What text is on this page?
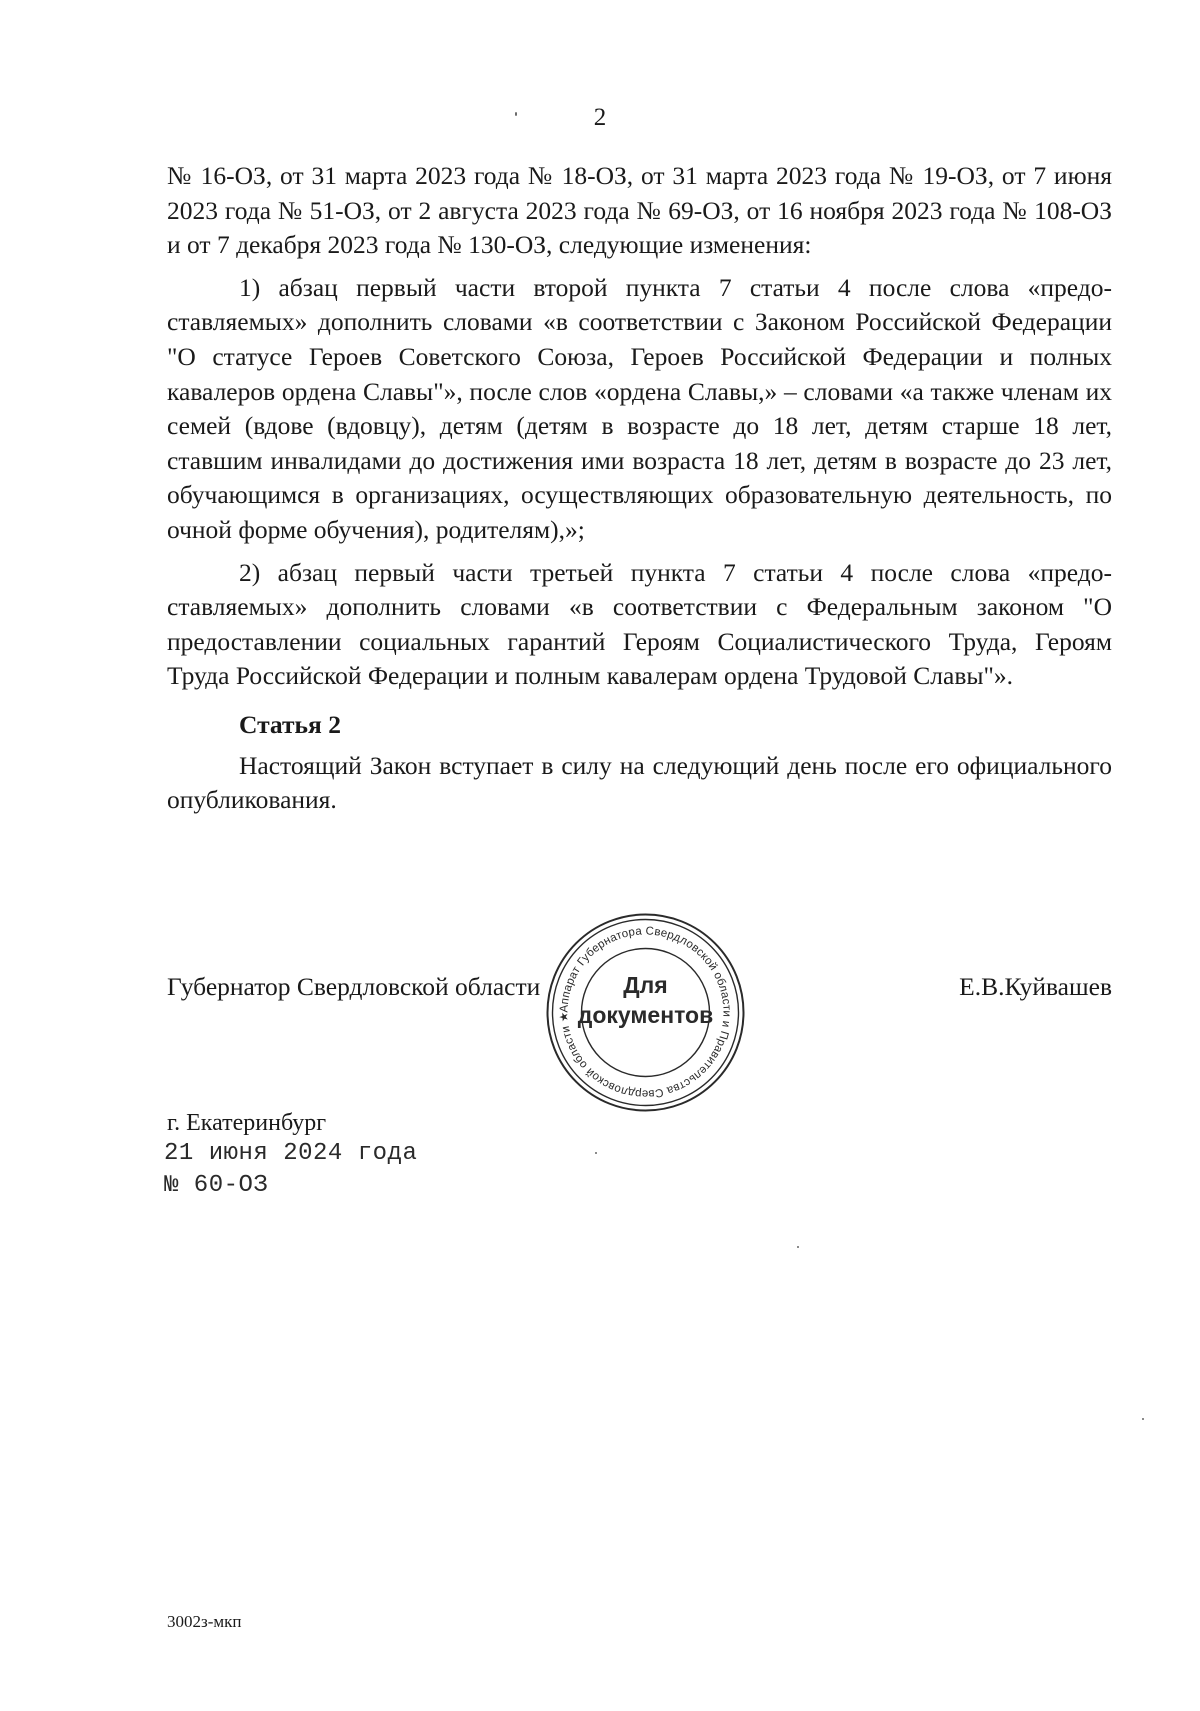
2

№ 16-ОЗ, от 31 марта 2023 года № 18-ОЗ, от 31 марта 2023 года № 19-ОЗ, от 7 июня 2023 года № 51-ОЗ, от 2 августа 2023 года № 69-ОЗ, от 16 ноября 2023 года № 108-ОЗ и от 7 декабря 2023 года № 130-ОЗ, следующие изменения:

1) абзац первый части второй пункта 7 статьи 4 после слова «предоставляемых» дополнить словами «в соответствии с Законом Российской Федерации "О статусе Героев Советского Союза, Героев Российской Федерации и полных кавалеров ордена Славы"», после слов «ордена Славы,» – словами «а также членам их семей (вдове (вдовцу), детям (детям в возрасте до 18 лет, детям старше 18 лет, ставшим инвалидами до достижения ими возраста 18 лет, детям в возрасте до 23 лет, обучающимся в организациях, осуществляющих образовательную деятельность, по очной форме обучения), родителям),»;

2) абзац первый части третьей пункта 7 статьи 4 после слова «предоставляемых» дополнить словами «в соответствии с Федеральным законом "О предоставлении социальных гарантий Героям Социалистического Труда, Героям Труда Российской Федерации и полным кавалерам ордена Трудовой Славы"».

Статья 2

Настоящий Закон вступает в силу на следующий день после его официального опубликования.

Губернатор Свердловской области	Е.В.Куйвашев
Аппарат Губернатора Свердловской области и Правительства Свердловской области ★
Для
документов
г. Екатеринбург
21 июня 2024 года
№ 60-ОЗ
3002з-мкп
